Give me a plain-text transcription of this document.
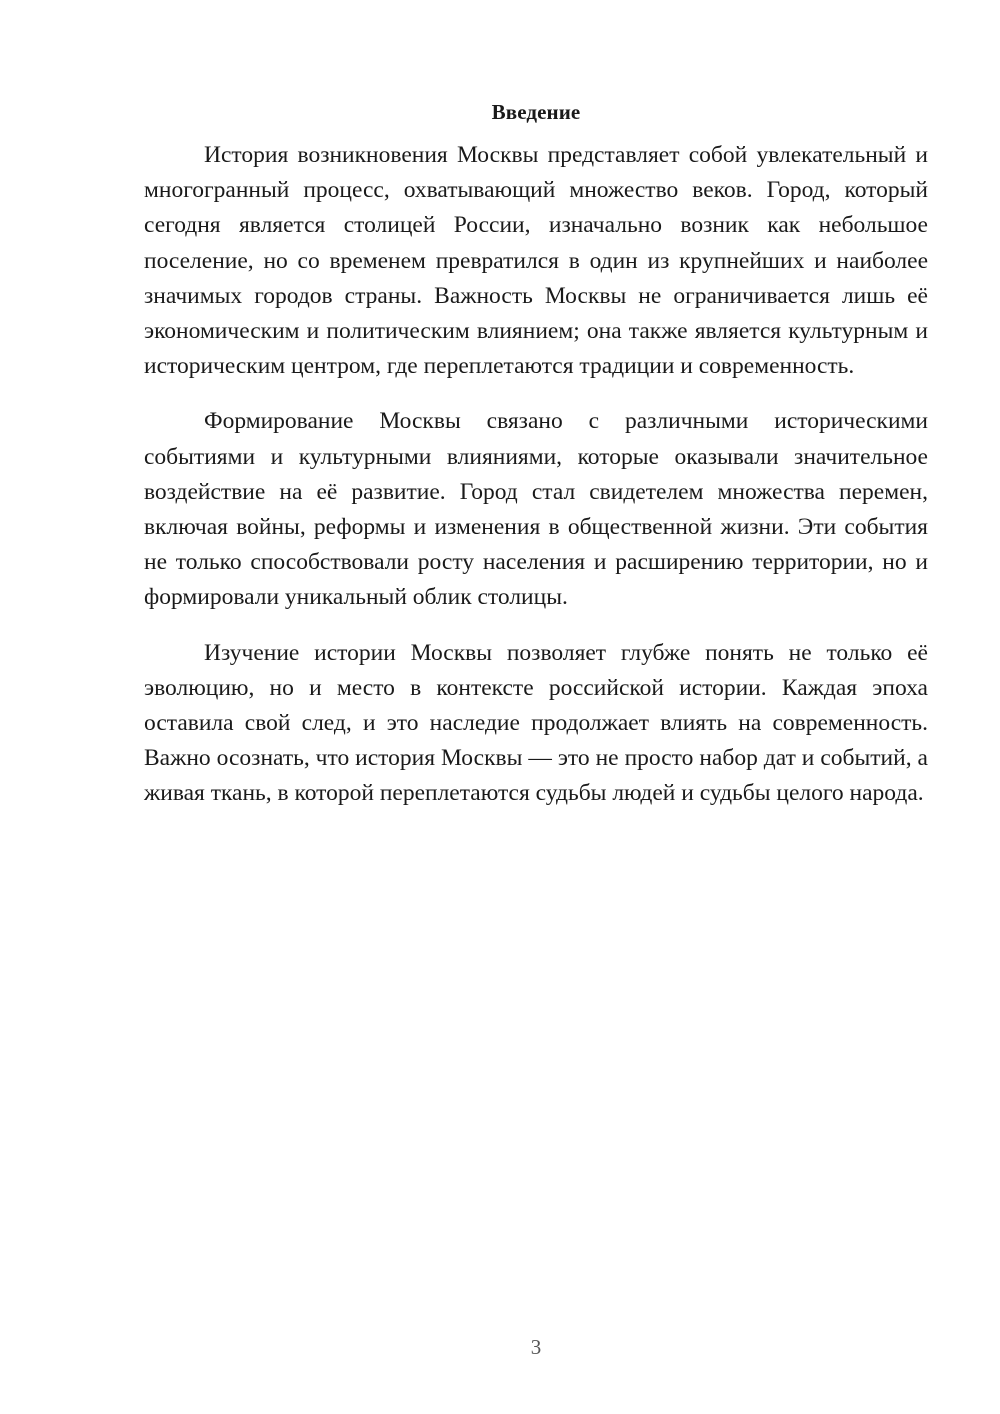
Введение

История возникновения Москвы представляет собой увлекательный и многогранный процесс, охватывающий множество веков. Город, который сегодня является столицей России, изначально возник как небольшое поселение, но со временем превратился в один из крупнейших и наиболее значимых городов страны. Важность Москвы не ограничивается лишь её экономическим и политическим влиянием; она также является культурным и историческим центром, где переплетаются традиции и современность.

Формирование Москвы связано с различными историческими событиями и культурными влияниями, которые оказывали значительное воздействие на её развитие. Город стал свидетелем множества перемен, включая войны, реформы и изменения в общественной жизни. Эти события не только способствовали росту населения и расширению территории, но и формировали уникальный облик столицы.

Изучение истории Москвы позволяет глубже понять не только её эволюцию, но и место в контексте российской истории. Каждая эпоха оставила свой след, и это наследие продолжает влиять на современность. Важно осознать, что история Москвы — это не просто набор дат и событий, а живая ткань, в которой переплетаются судьбы людей и судьбы целого народа.

3
